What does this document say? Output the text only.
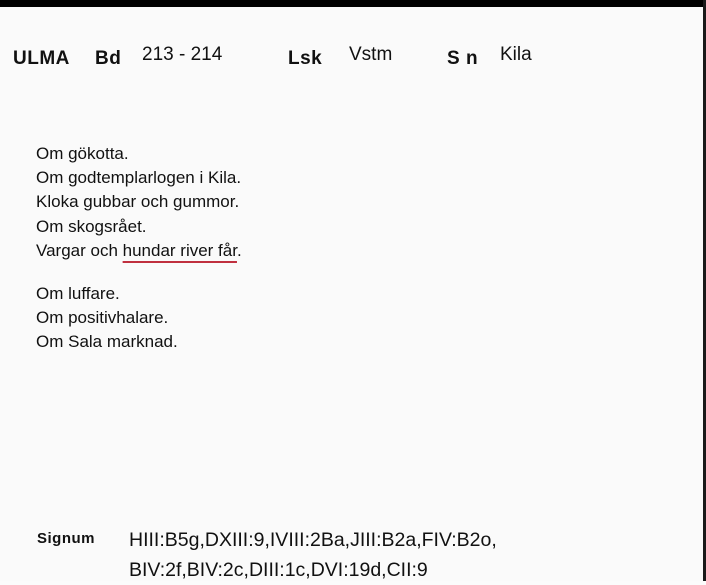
ULMA Bd 213 - 214	Lsk Vstm	S n Kila
Om gökotta.
Om godtemplarlogen i Kila.
Kloka gubbar och gummor.
Om skogsrået.
Vargar och hundar river får.
Om luffare.
Om positivhalare.
Om Sala marknad.
Signum HIII:B5g,DXIII:9,IVIII:2Ba,JIII:B2a,FIV:B2o,
BIV:2f,BIV:2c,DIII:1c,DVI:19d,CII:9
